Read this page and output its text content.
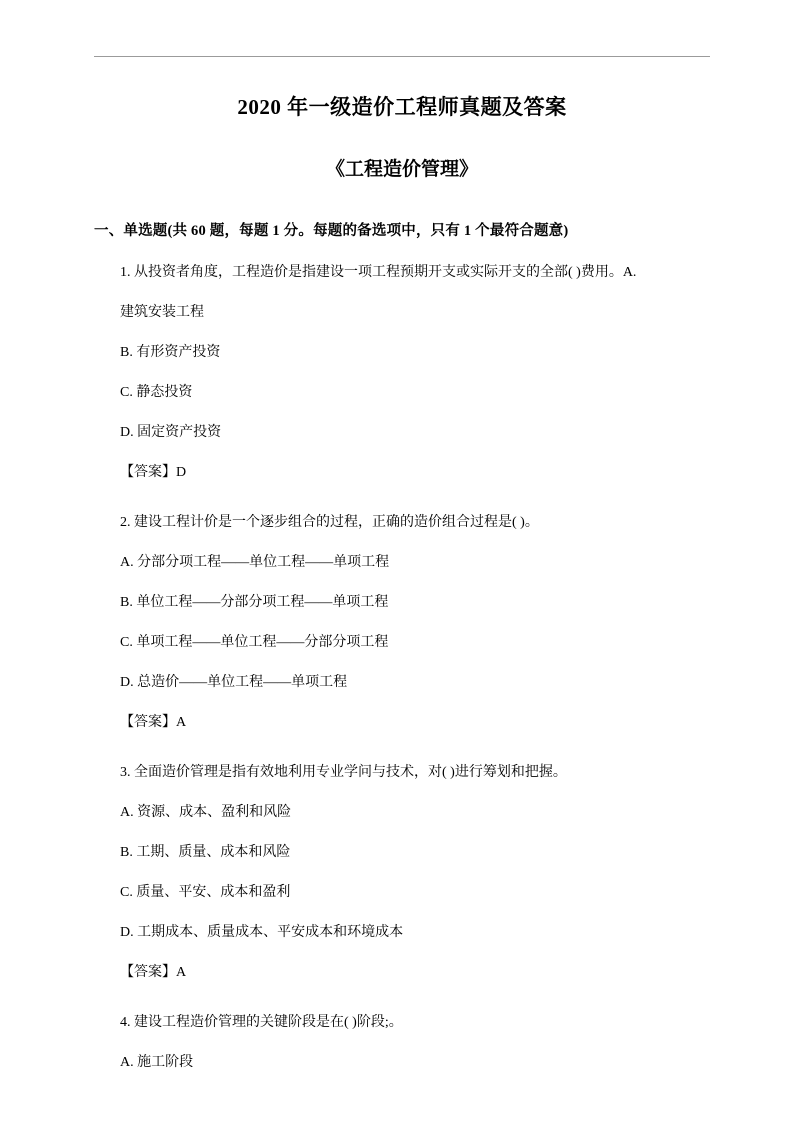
2020 年一级造价工程师真题及答案
《工程造价管理》
一、单选题(共 60 题，每题 1 分。每题的备选项中，只有 1 个最符合题意)
1. 从投资者角度，工程造价是指建设一项工程预期开支或实际开支的全部( )费用。A.
建筑安装工程
B. 有形资产投资
C. 静态投资
D. 固定资产投资
【答案】D
2. 建设工程计价是一个逐步组合的过程，正确的造价组合过程是( )。
A. 分部分项工程——单位工程——单项工程
B. 单位工程——分部分项工程——单项工程
C. 单项工程——单位工程——分部分项工程
D. 总造价——单位工程——单项工程
【答案】A
3. 全面造价管理是指有效地利用专业学问与技术，对( )进行筹划和把握。
A. 资源、成本、盈利和风险
B. 工期、质量、成本和风险
C. 质量、平安、成本和盈利
D. 工期成本、质量成本、平安成本和环境成本
【答案】A
4. 建设工程造价管理的关键阶段是在( )阶段;。
A. 施工阶段
